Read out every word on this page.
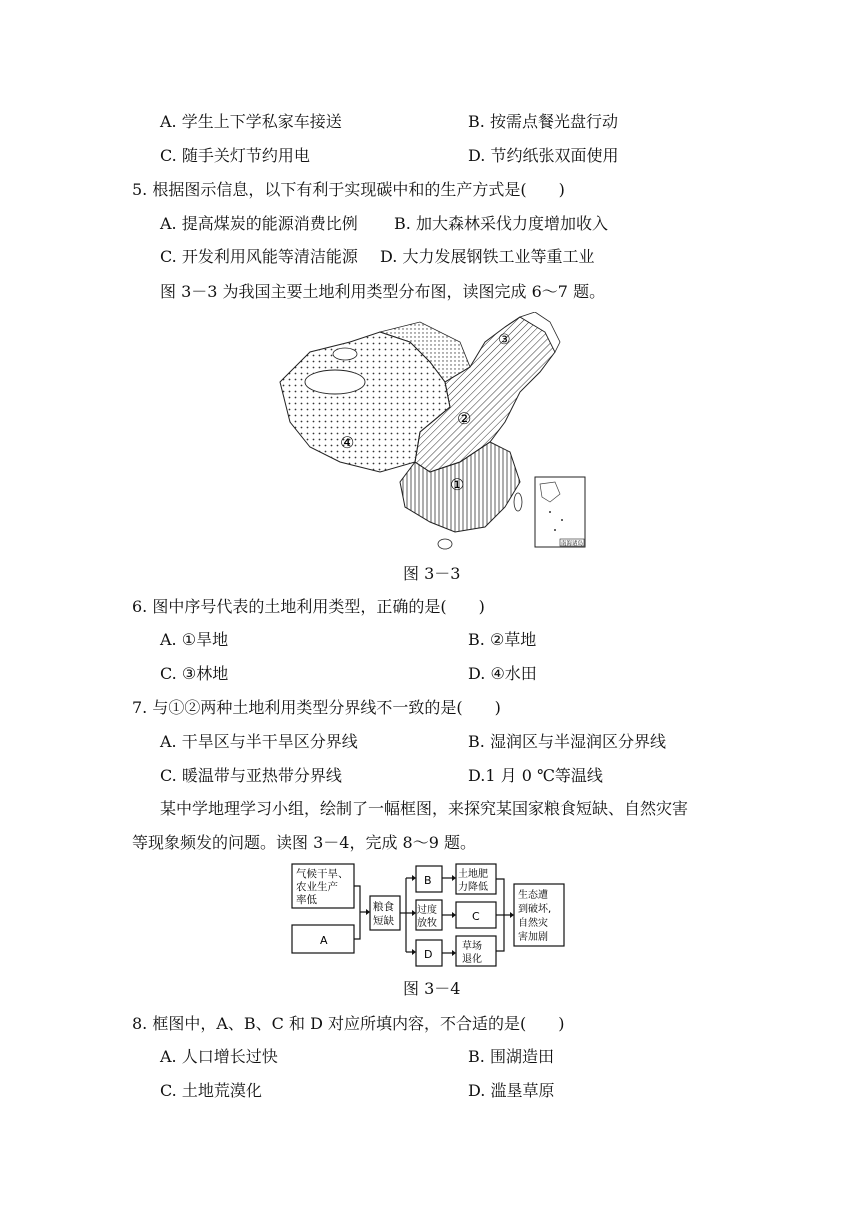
A. 学生上下学私家车接送	B. 按需点餐光盘行动
C. 随手关灯节约用电	D. 节约纸张双面使用
5. 根据图示信息，以下有利于实现碳中和的生产方式是(　　)
A. 提高煤炭的能源消费比例 B. 加大森林采伐力度增加收入
C. 开发利用风能等清洁能源 D. 大力发展钢铁工业等重工业
图 3－3 为我国主要土地利用类型分布图，读图完成 6～7 题。
①
②
③
④
南海诸岛
图 3－3
6. 图中序号代表的土地利用类型，正确的是(　　)
A. ①旱地	B. ②草地
C. ③林地	D. ④水田
7. 与①②两种土地利用类型分界线不一致的是(　　)
A. 干旱区与半干旱区分界线	B. 湿润区与半湿润区分界线
C. 暖温带与亚热带分界线	D.1 月 0 ℃等温线
某中学地理学习小组，绘制了一幅框图，来探究某国家粮食短缺、自然灾害
等现象频发的问题。读图 3－4，完成 8～9 题。
气候干旱、
农业生产
率低
A
粮食
短缺
B
过度
放牧
D
土地肥
力降低
C
草场
退化
生态遭
到破坏,
自然灾
害加剧
图 3－4
8. 框图中，A、B、C 和 D 对应所填内容，不合适的是(　　)
A. 人口增长过快	B. 围湖造田
C. 土地荒漠化	D. 滥垦草原
